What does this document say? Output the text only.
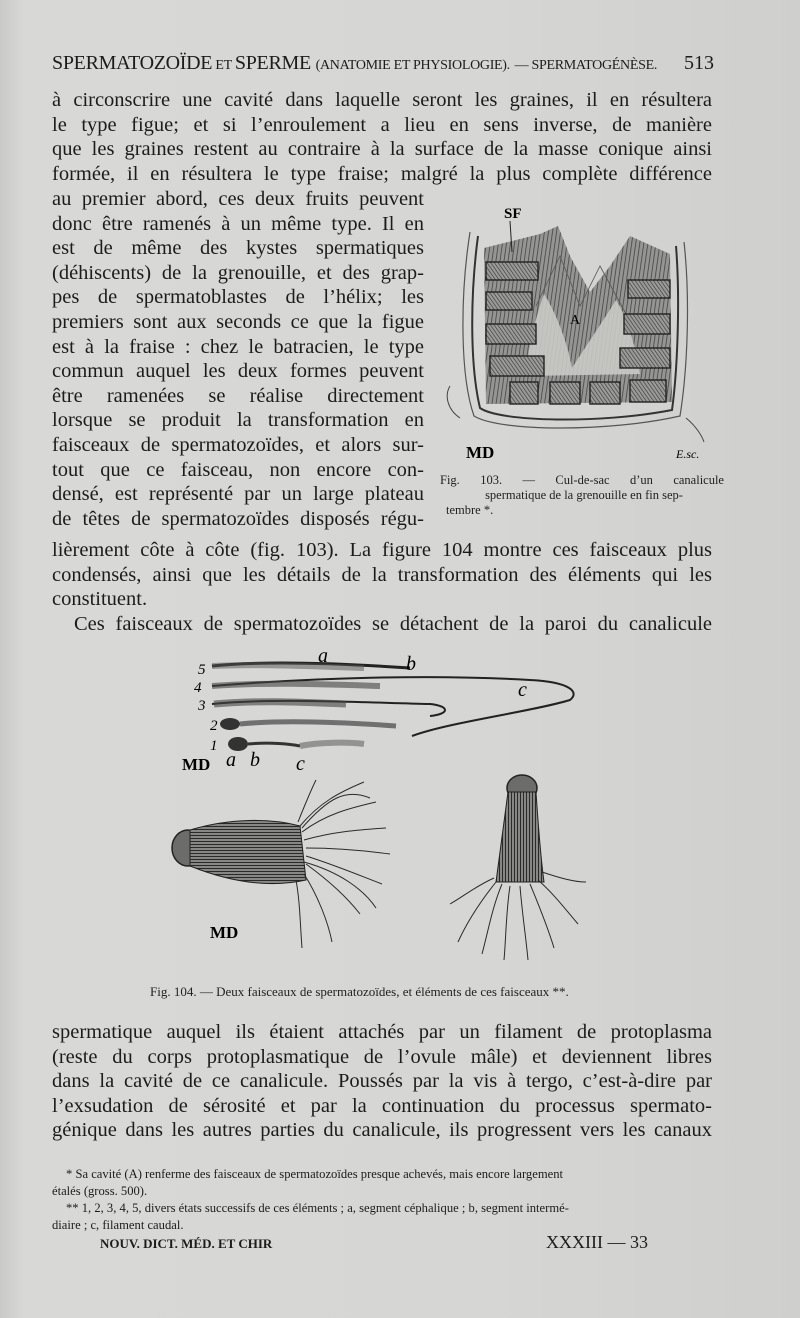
SPERMATOZOÏDE ET SPERME (ANATOMIE ET PHYSIOLOGIE). — SPERMATOGÉNÈSE. 513
à circonscrire une cavité dans laquelle seront les graines, il en résultera
le type figue; et si l’enroulement a lieu en sens inverse, de manière
que les graines restent au contraire à la surface de la masse conique ainsi
formée, il en résultera le type fraise; malgré la plus complète différence
au premier abord, ces deux fruits peuvent
donc être ramenés à un même type. Il en
est de même des kystes spermatiques
(déhiscents) de la grenouille, et des grap-
pes de spermatoblastes de l’hélix; les
premiers sont aux seconds ce que la figue
est à la fraise : chez le batracien, le type
commun auquel les deux formes peuvent
être ramenées se réalise directement
lorsque se produit la transformation en
faisceaux de spermatozoïdes, et alors sur-
tout que ce faisceau, non encore con-
densé, est représenté par un large plateau
de têtes de spermatozoïdes disposés régu-
SF
A
MD	E.sc.
Fig. 103. — Cul-de-sac d’un canalicule
spermatique de la grenouille en fin sep-
tembre *.
lièrement côte à côte (fig. 103). La figure 104 montre ces faisceaux plus
condensés, ainsi que les détails de la transformation des éléments qui les
constituent.
Ces faisceaux de spermatozoïdes se détachent de la paroi du canalicule
5
4
3
2
1
a	b
c
MD a b c
MD
Fig. 104. — Deux faisceaux de spermatozoïdes, et éléments de ces faisceaux **.
spermatique auquel ils étaient attachés par un filament de protoplasma
(reste du corps protoplasmatique de l’ovule mâle) et deviennent libres
dans la cavité de ce canalicule. Poussés par la vis à tergo, c’est-à-dire par
l’exsudation de sérosité et par la continuation du processus spermato-
génique dans les autres parties du canalicule, ils progressent vers les canaux
* Sa cavité (A) renferme des faisceaux de spermatozoïdes presque achevés, mais encore largement
étalés (gross. 500).
** 1, 2, 3, 4, 5, divers états successifs de ces éléments ; a, segment céphalique ; b, segment intermé-
diaire ; c, filament caudal.
NOUV. DICT. MÉD. ET CHIR	XXXIII — 33
